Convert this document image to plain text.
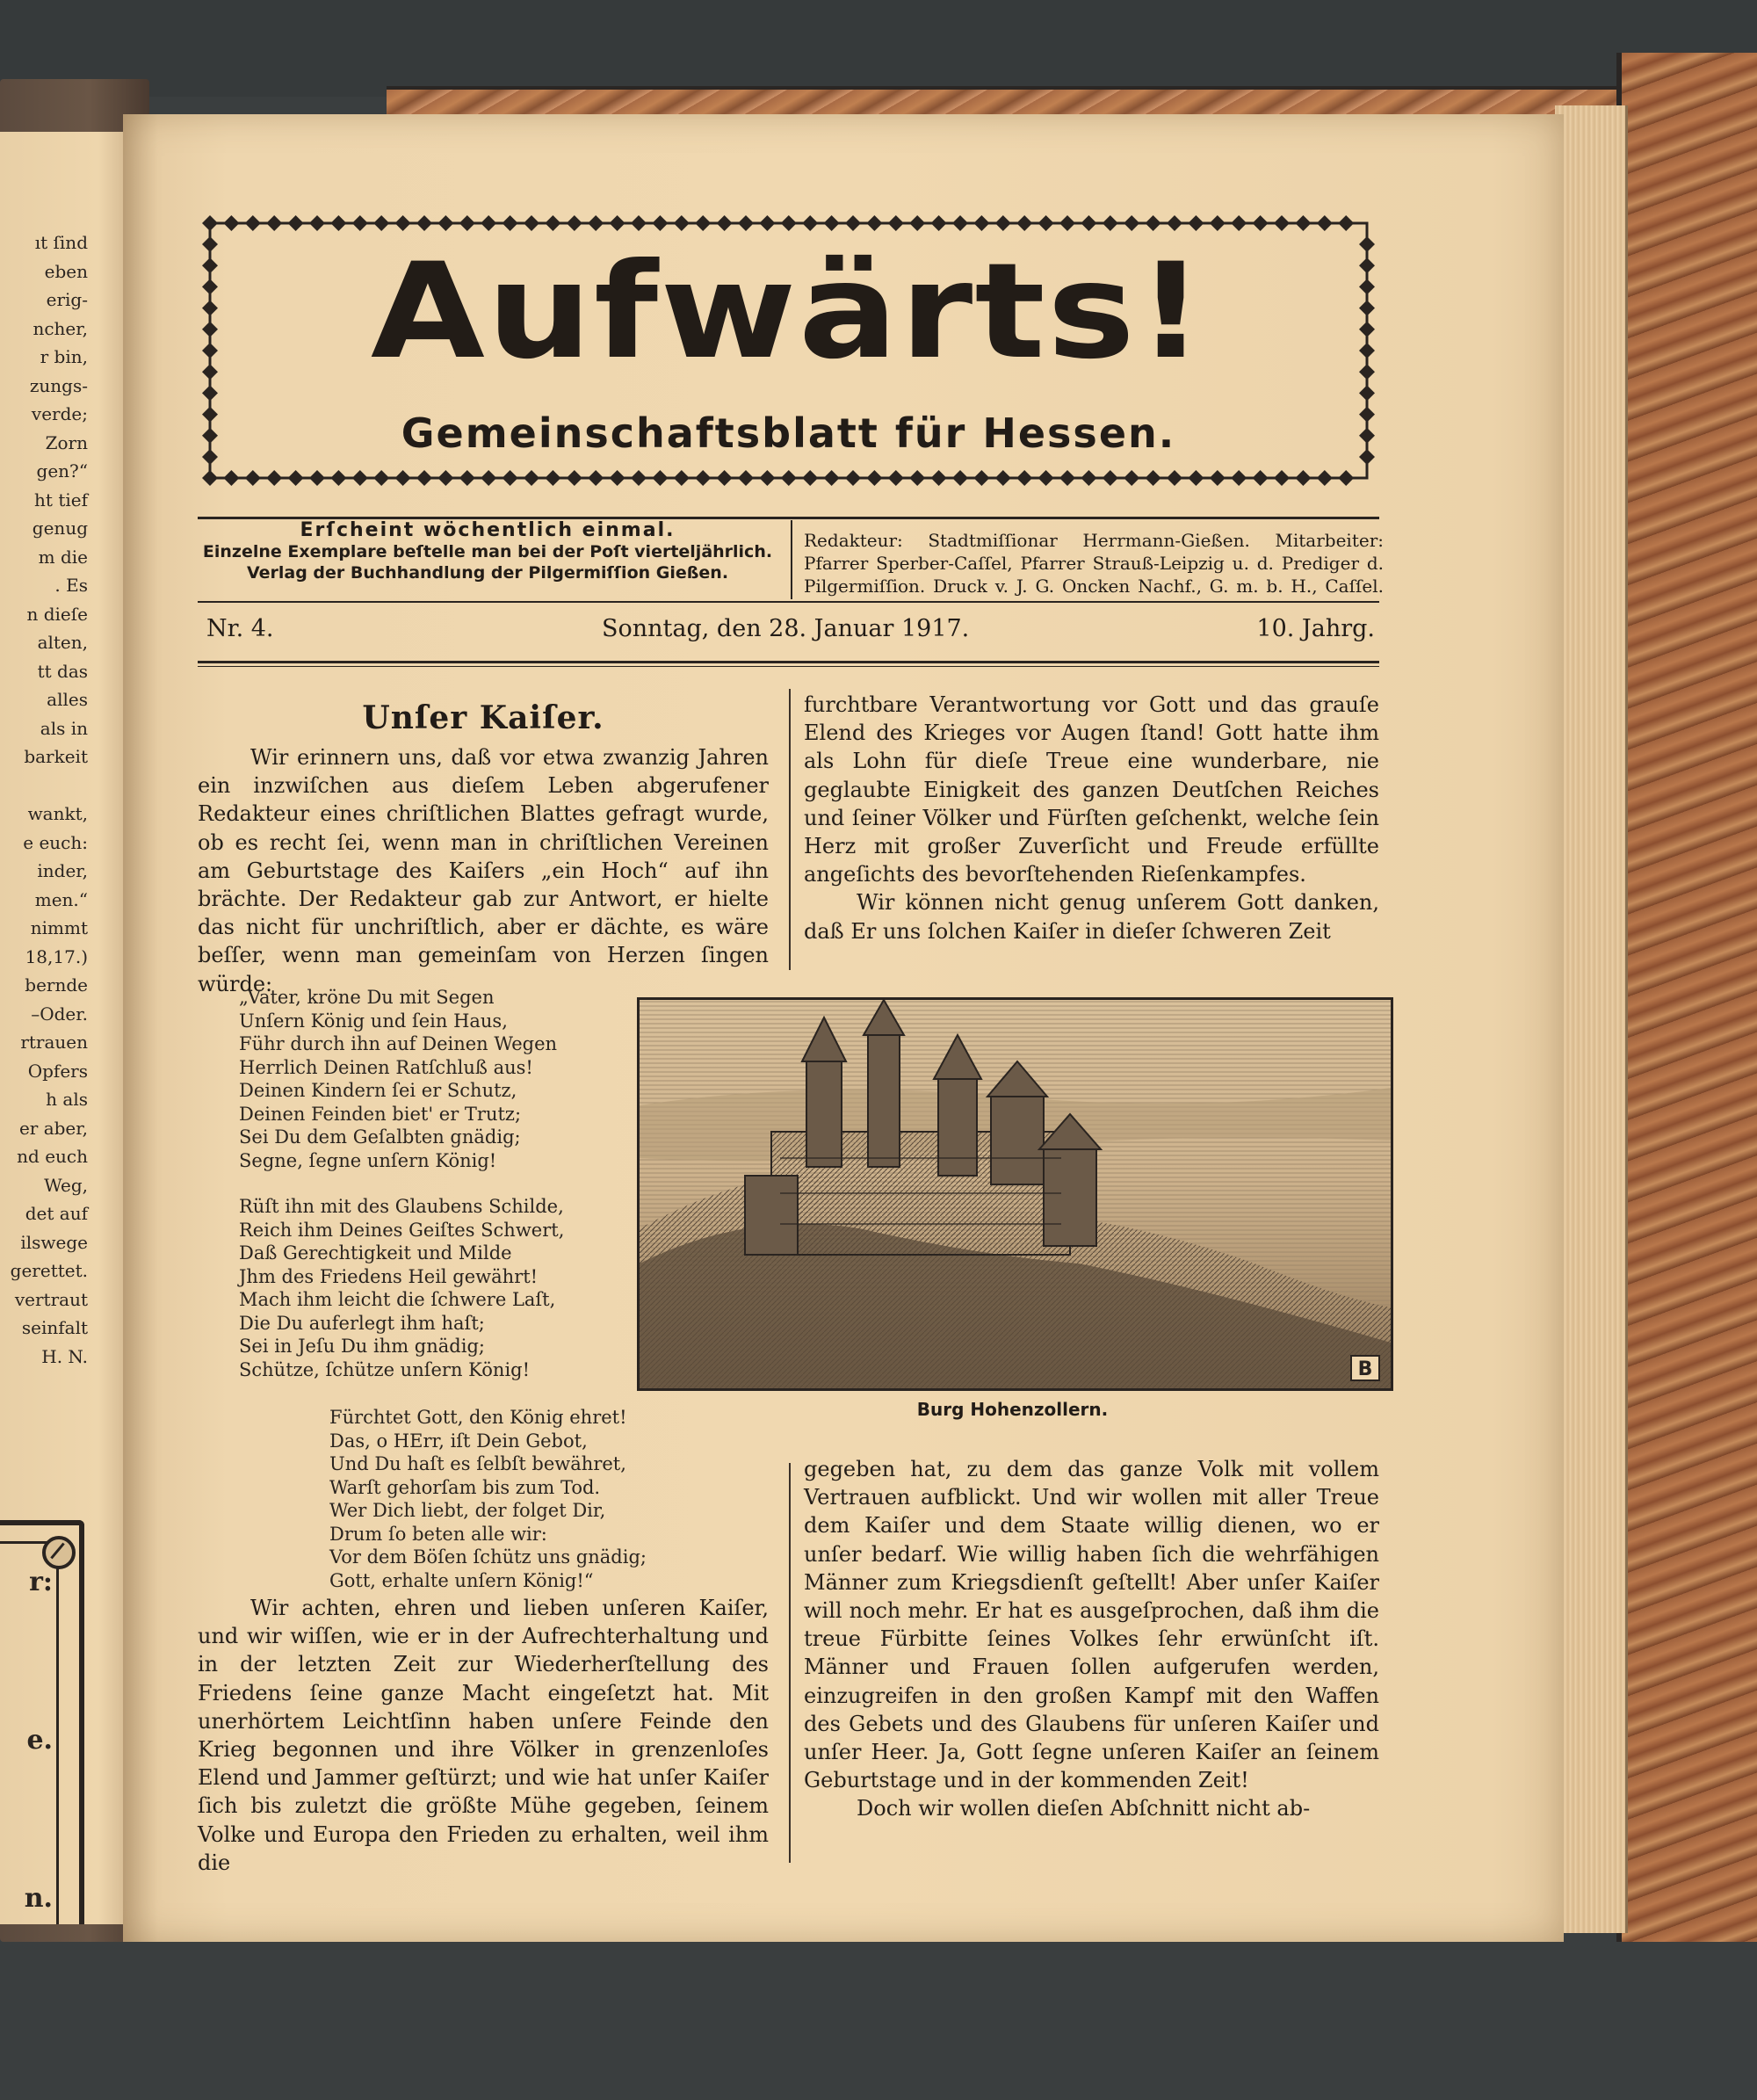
ıt ſind
eben
erig-
ncher,
r bin,
zungs-
verde;
Zorn
gen?“
ht tief
genug
m die
. Es
n dieſe
alten,
tt das
alles
als in
barkeit

wankt,
e euch:
inder,
men.“
nimmt
18,17.)
bernde
–Oder.
rtrauen
Opfers
h als
er aber,
nd euch
Weg,
det auf
ilswege
gerettet.
vertraut
seinfalt
H. N.
r:

e.

n.
Aufwärts!
Gemeinschaftsblatt für Hessen.
Erſcheint wöchentlich einmal.
Einzelne Exemplare beſtelle man bei der Poſt vierteljährlich.
Verlag der Buchhandlung der Pilgermiſſion Gießen.

Redakteur: Stadtmiſſionar Herrmann-Gießen. Mitarbeiter:

Pfarrer Sperber-Caſſel, Pfarrer Strauß-Leipzig u. d. Prediger d.

Pilgermiſſion. Druck v. J. G. Oncken Nachf., G. m. b. H., Caſſel.

Nr. 4.	Sonntag, den 28. Januar 1917.	10. Jahrg.
Unſer Kaiſer.

Wir erinnern uns, daß vor etwa zwanzig Jahren ein inzwiſchen aus dieſem Leben abgerufener Redakteur eines chriſtlichen Blattes gefragt wurde, ob es recht ſei, wenn man in chriſtlichen Vereinen am Geburtstage des Kaiſers „ein Hoch“ auf ihn brächte. Der Redakteur gab zur Antwort, er hielte das nicht für unchriſtlich, aber er dächte, es wäre beſſer, wenn man gemeinſam von Herzen ſingen würde:

„Vater, kröne Du mit Segen
Unſern König und ſein Haus,
Führ durch ihn auf Deinen Wegen
Herrlich Deinen Ratſchluß aus!
Deinen Kindern ſei er Schutz,
Deinen Feinden biet' er Trutz;
Sei Du dem Geſalbten gnädig;
Segne, ſegne unſern König!
Rüſt ihn mit des Glaubens Schilde,
Reich ihm Deines Geiſtes Schwert,
Daß Gerechtigkeit und Milde
Jhm des Friedens Heil gewährt!
Mach ihm leicht die ſchwere Laſt,
Die Du auferlegt ihm haſt;
Sei in Jeſu Du ihm gnädig;
Schütze, ſchütze unſern König!
Fürchtet Gott, den König ehret!
Das, o HErr, iſt Dein Gebot,
Und Du haſt es ſelbſt bewähret,
Warſt gehorſam bis zum Tod.
Wer Dich liebt, der folget Dir,
Drum ſo beten alle wir:
Vor dem Böſen ſchütz uns gnädig;
Gott, erhalte unſern König!“

Wir achten, ehren und lieben unſeren Kaiſer, und wir wiſſen, wie er in der Aufrechterhaltung und in der letzten Zeit zur Wiederherſtellung des Friedens ſeine ganze Macht eingeſetzt hat. Mit unerhörtem Leichtſinn haben unſere Feinde den Krieg begonnen und ihre Völker in grenzenloſes Elend und Jammer geſtürzt; und wie hat unſer Kaiſer ſich bis zuletzt die größte Mühe gegeben, ſeinem Volke und Europa den Frieden zu erhalten, weil ihm die

furchtbare Verantwortung vor Gott und das grauſe Elend des Krieges vor Augen ſtand! Gott hatte ihm als Lohn für dieſe Treue eine wunderbare, nie geglaubte Einigkeit des ganzen Deutſchen Reiches und ſeiner Völker und Fürſten geſchenkt, welche ſein Herz mit großer Zuverſicht und Freude erfüllte angeſichts des bevorſtehenden Rieſenkampfes.

Wir können nicht genug unſerem Gott danken, daß Er uns ſolchen Kaiſer in dieſer ſchweren Zeit

B
Burg Hohenzollern.

gegeben hat, zu dem das ganze Volk mit vollem Vertrauen aufblickt. Und wir wollen mit aller Treue dem Kaiſer und dem Staate willig dienen, wo er unſer bedarf. Wie willig haben ſich die wehrfähigen Männer zum Kriegsdienſt geſtellt! Aber unſer Kaiſer will noch mehr. Er hat es ausgeſprochen, daß ihm die treue Fürbitte ſeines Volkes ſehr erwünſcht iſt. Männer und Frauen ſollen aufgerufen werden, einzugreifen in den großen Kampf mit den Waffen des Gebets und des Glaubens für unſeren Kaiſer und unſer Heer. Ja, Gott ſegne unſeren Kaiſer an ſeinem Geburtstage und in der kommenden Zeit!

Doch wir wollen dieſen Abſchnitt nicht ab-
